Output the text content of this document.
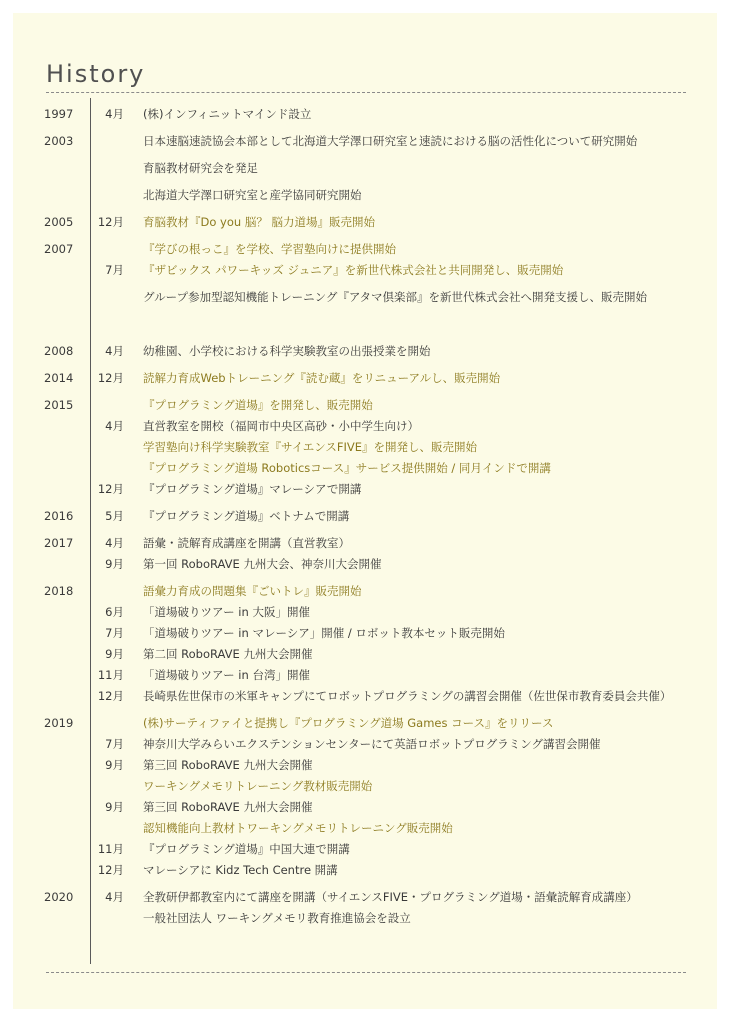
History
1997	4月 (株)インフィニットマインド設立
2003	日本速脳速読協会本部として北海道大学澤口研究室と速読における脳の活性化について研究開始
育脳教材研究会を発足
北海道大学澤口研究室と産学協同研究開始
2005	12月 育脳教材『Do you 脳？ 脳力道場』販売開始
2007	『学びの根っこ』を学校、学習塾向けに提供開始
7月 『ザビックス パワーキッズ ジュニア』を新世代株式会社と共同開発し、販売開始
グループ参加型認知機能トレーニング『アタマ倶楽部』を新世代株式会社へ開発支援し、販売開始
2008	4月 幼稚園、小学校における科学実験教室の出張授業を開始
2014	12月 読解力育成Webトレーニング『読む蔵』をリニューアルし、販売開始
2015	『プログラミング道場』を開発し、販売開始
4月 直営教室を開校（福岡市中央区高砂・小中学生向け）
学習塾向け科学実験教室『サイエンスFIVE』を開発し、販売開始
『プログラミング道場 Roboticsコース』サービス提供開始 / 同月インドで開講
12月 『プログラミング道場』マレーシアで開講
2016	5月 『プログラミング道場』ベトナムで開講
2017	4月 語彙・読解育成講座を開講（直営教室）
9月 第一回 RoboRAVE 九州大会、神奈川大会開催
2018	語彙力育成の問題集『ごいトレ』販売開始
6月 「道場破りツアー in 大阪」開催
7月 「道場破りツアー in マレーシア」開催 / ロボット教本セット販売開始
9月 第二回 RoboRAVE 九州大会開催
11月 「道場破りツアー in 台湾」開催
12月 長崎県佐世保市の米軍キャンプにてロボットプログラミングの講習会開催（佐世保市教育委員会共催）
2019	(株)サーティファイと提携し『プログラミング道場 Games コース』をリリース
7月 神奈川大学みらいエクステンションセンターにて英語ロボットプログラミング講習会開催
9月 第三回 RoboRAVE 九州大会開催
ワーキングメモリトレーニング教材販売開始
9月 第三回 RoboRAVE 九州大会開催
認知機能向上教材トワーキングメモリトレーニング販売開始
11月 『プログラミング道場』中国大連で開講
12月 マレーシアに Kidz Tech Centre 開講
2020	4月 全教研伊都教室内にて講座を開講（サイエンスFIVE・プログラミング道場・語彙読解育成講座）
一般社団法人 ワーキングメモリ教育推進協会を設立
